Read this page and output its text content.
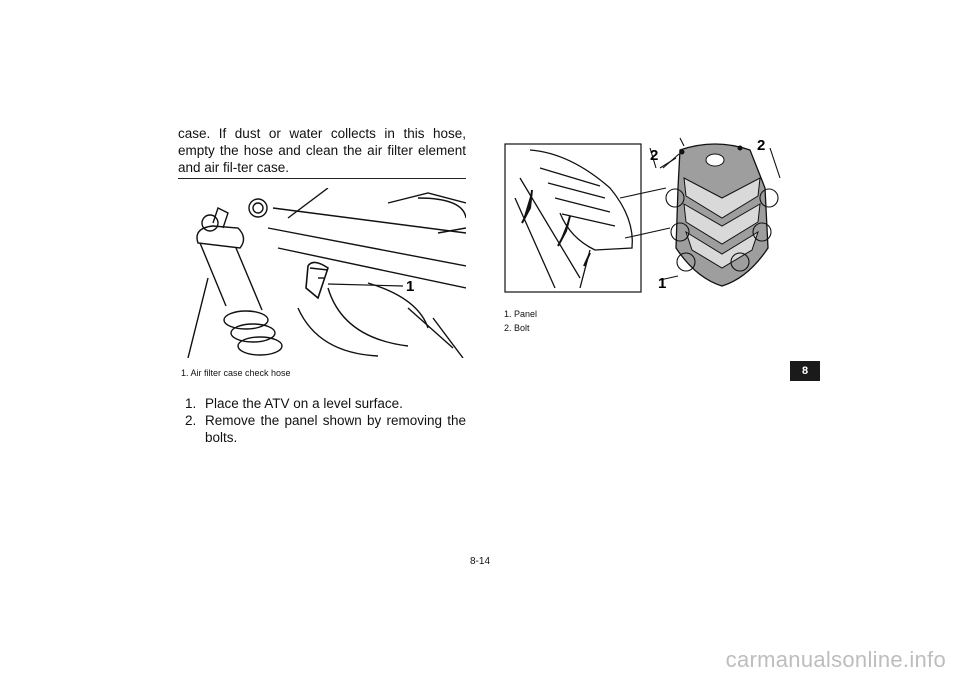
case. If dust or water collects in this hose, empty the hose and clean the air filter element and air fil-ter case.
1
1. Air filter case check hose
1. Place the ATV on a level surface.
2. Remove the panel shown by removing the bolts.
2
2
1
1. Panel
2. Bolt
8
8-14
carmanualsonline.info
